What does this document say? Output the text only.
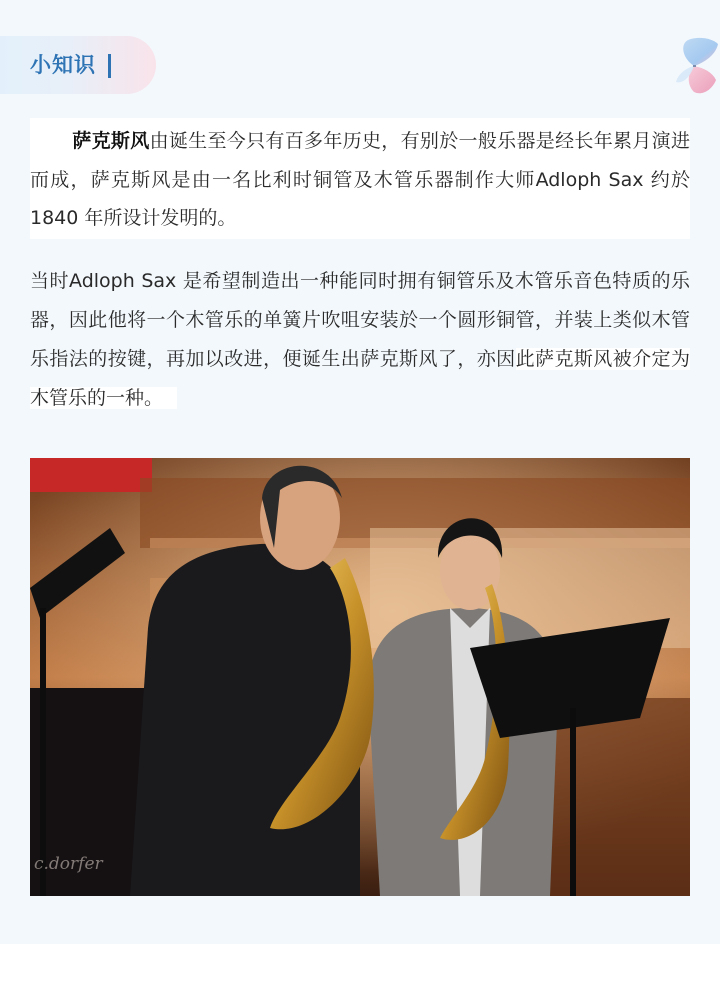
小知识

萨克斯风由诞生至今只有百多年历史，有别於一般乐器是经长年累月演进而成，萨克斯风是由一名比利时铜管及木管乐器制作大师Adloph Sax 约於1840 年所设计发明的。

当时Adloph Sax 是希望制造出一种能同时拥有铜管乐及木管乐音色特质的乐器，因此他将一个木管乐的单簧片吹咀安装於一个圆形铜管，并装上类似木管乐指法的按键，再加以改进，便诞生出萨克斯风了，亦因此萨克斯风被介定为木管乐的一种。

c.dorfer
